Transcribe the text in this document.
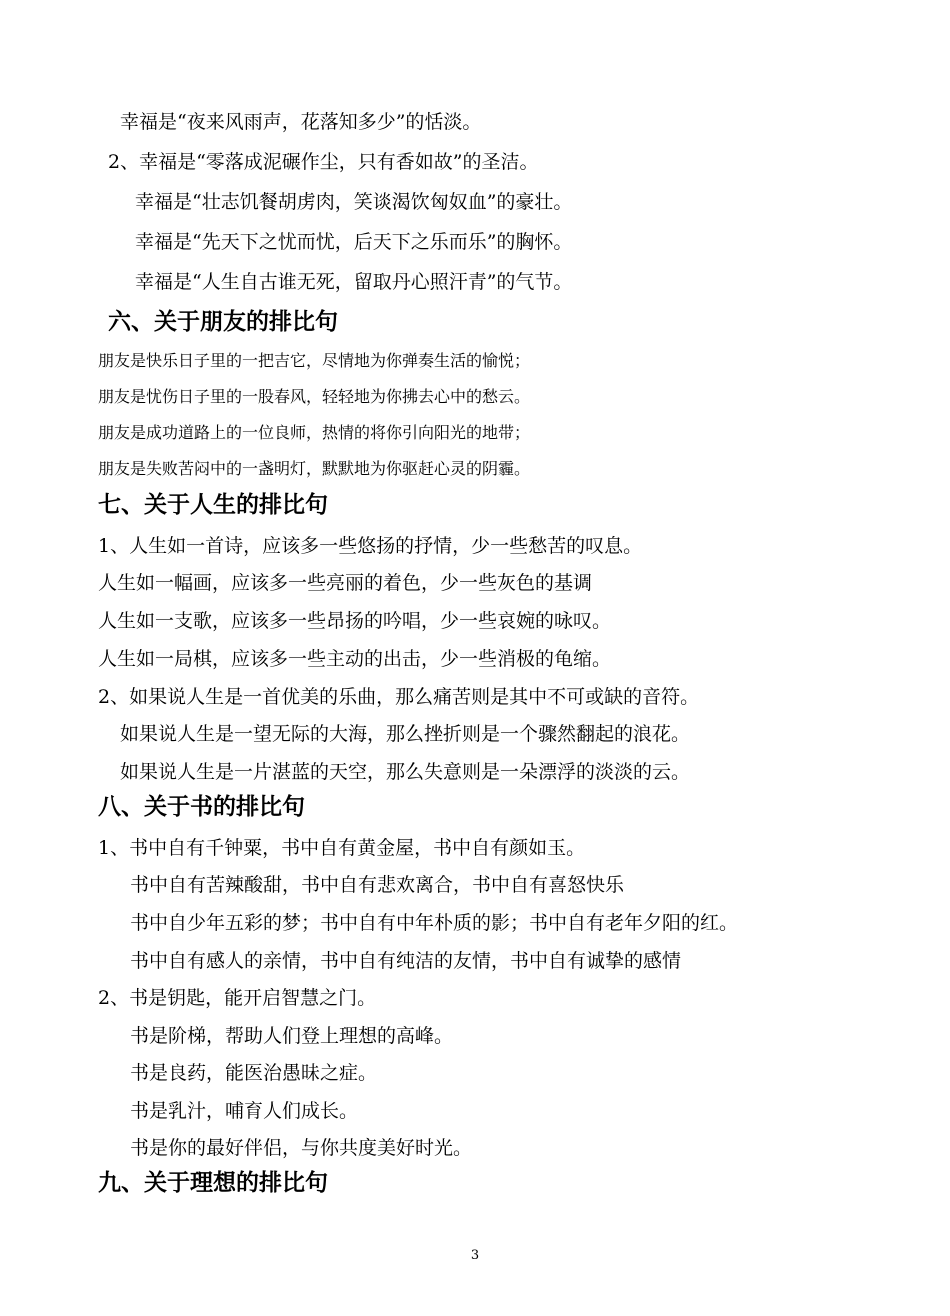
幸福是“夜来风雨声，花落知多少”的恬淡。
2、幸福是“零落成泥碾作尘，只有香如故”的圣洁。
幸福是“壮志饥餐胡虏肉，笑谈渴饮匈奴血”的豪壮。
幸福是“先天下之忧而忧，后天下之乐而乐”的胸怀。
幸福是“人生自古谁无死，留取丹心照汗青”的气节。
六、关于朋友的排比句
朋友是快乐日子里的一把吉它，尽情地为你弹奏生活的愉悦；
朋友是忧伤日子里的一股春风，轻轻地为你拂去心中的愁云。
朋友是成功道路上的一位良师，热情的将你引向阳光的地带；
朋友是失败苦闷中的一盏明灯，默默地为你驱赶心灵的阴霾。
七、关于人生的排比句
1、人生如一首诗，应该多一些悠扬的抒情，少一些愁苦的叹息。
人生如一幅画，应该多一些亮丽的着色，少一些灰色的基调
人生如一支歌，应该多一些昂扬的吟唱，少一些哀婉的咏叹。
人生如一局棋，应该多一些主动的出击，少一些消极的龟缩。
2、如果说人生是一首优美的乐曲，那么痛苦则是其中不可或缺的音符。
如果说人生是一望无际的大海，那么挫折则是一个骤然翻起的浪花。
如果说人生是一片湛蓝的天空，那么失意则是一朵漂浮的淡淡的云。
八、关于书的排比句
1、书中自有千钟粟，书中自有黄金屋，书中自有颜如玉。
书中自有苦辣酸甜，书中自有悲欢离合，书中自有喜怒快乐
书中自少年五彩的梦；书中自有中年朴质的影；书中自有老年夕阳的红。
书中自有感人的亲情，书中自有纯洁的友情，书中自有诚挚的感情
2、书是钥匙，能开启智慧之门。
书是阶梯，帮助人们登上理想的高峰。
书是良药，能医治愚昧之症。
书是乳汁，哺育人们成长。
书是你的最好伴侣，与你共度美好时光。
九、关于理想的排比句
3
